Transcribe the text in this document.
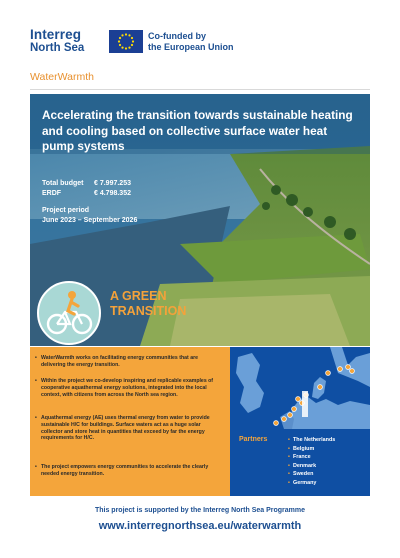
Interreg
North Sea
Co-funded by
the European Union
WaterWarmth

Accelerating the transition towards sustainable heating and cooling based on collective surface water heat pump systems

Total budget € 7.997.253
ERDF	€ 4.798.352
Project period
June 2023 – September 2026
A GREEN
TRANSITION
• WaterWarmth works on facilitating energy communities that are delivering the energy transition.
• Within the project we co-develop inspiring and replicable examples of cooperative aquathermal energy solutions, integrated into the local context, with citizens from across the North sea region.
• Aquathermal energy (AE) uses thermal energy from water to provide sustainable H/C for buildings. Surface waters act as a huge solar collector and store heat in quantities that exceed by far the energy requirements for H/C.
• The project empowers energy communities to accelerate the clearly needed energy transition.
Partners
•	The Netherlands
• Belgium
• France
• Denmark
• Sweden
• Germany
This project is supported by the Interreg North Sea Programme
www.interregnorthsea.eu/waterwarmth
